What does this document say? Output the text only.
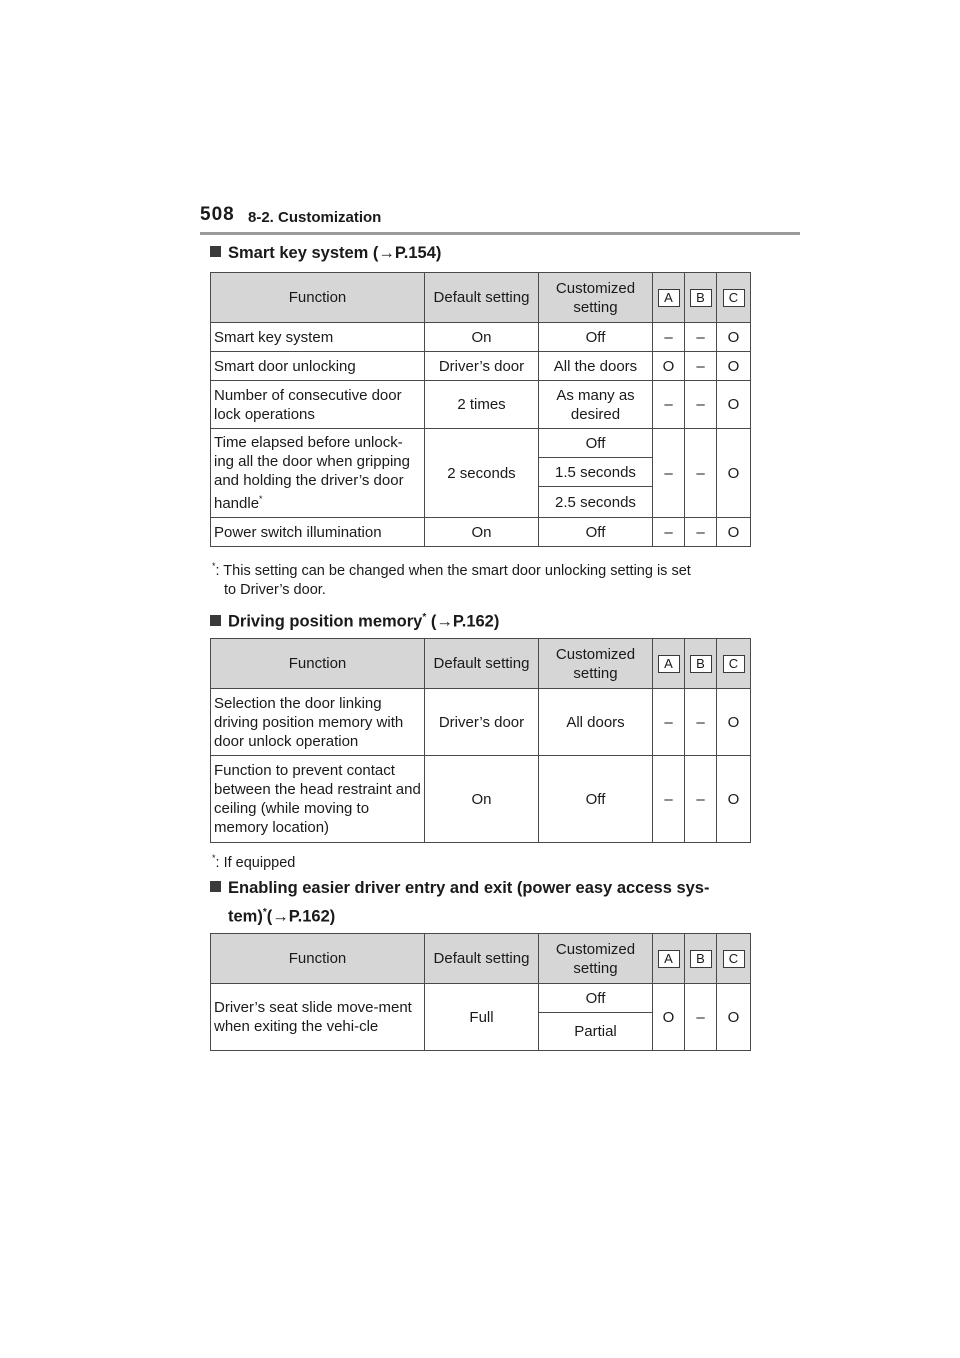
508 8-2. Customization
Smart key system (→P.154)
Function	Default setting	Customized setting	A	B	C
Smart key system	On	Off	–	–	O
Smart door unlocking	Driver’s door	All the doors	O	–	O
Number of consecutive door lock operations	2 times	As many as desired	–	–	O
Time elapsed before unlock-ing all the door when gripping and holding the driver’s door handle*	2 seconds	Off	–	–	O
		1.5 seconds			
		2.5 seconds			
Power switch illumination	On	Off	–	–	O
*: This setting can be changed when the smart door unlocking setting is set
to Driver’s door.
Driving position memory* (→P.162)
Function	Default setting	Customized setting	A	B	C
Selection the door linking driving position memory with door unlock operation	Driver’s door	All doors	–	–	O
Function to prevent contact between the head restraint and ceiling (while moving to memory location)	On	Off	–	–	O
*: If equipped
Enabling easier driver entry and exit (power easy access sys-
tem)*(→P.162)
Function	Default setting	Customized setting	A	B	C
Driver’s seat slide move-ment when exiting the vehi-cle	Full	Off	O	–	O
		Partial			
